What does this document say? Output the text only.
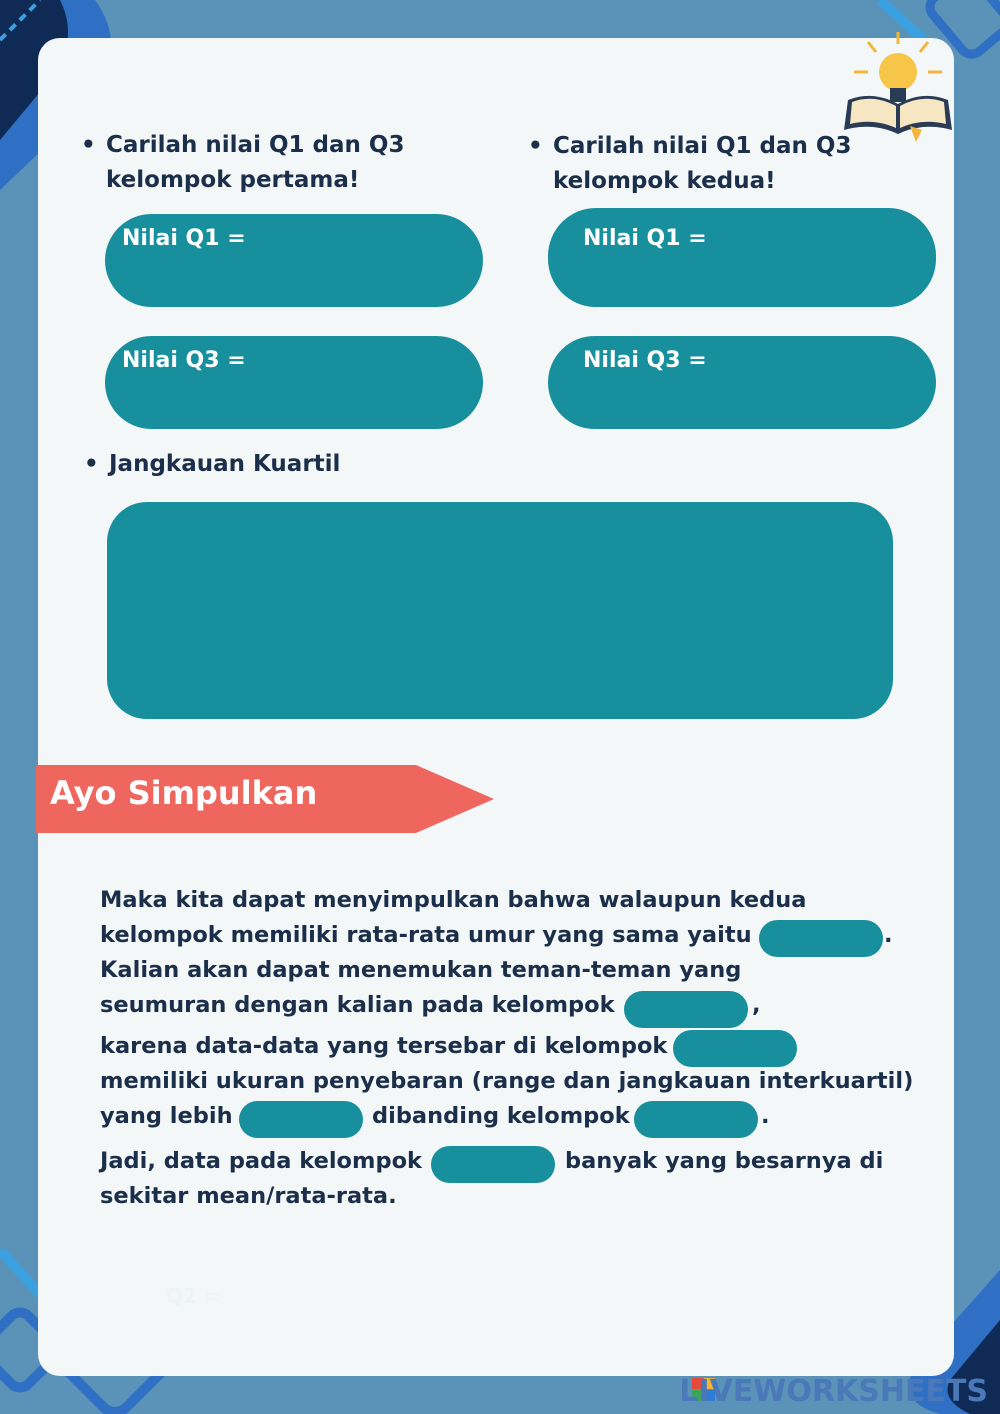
• Carilah nilai Q1 dan Q3
kelompok pertama!
• Carilah nilai Q1 dan Q3
kelompok kedua!
Nilai Q1 =	Nilai Q1 =
Nilai Q3 =	Nilai Q3 =
• Jangkauan Kuartil
Ayo Simpulkan
Maka kita dapat menyimpulkan bahwa walaupun kedua
kelompok memiliki rata-rata umur yang sama yaitu	.
Kalian akan dapat menemukan teman-teman yang
seumuran dengan kalian pada kelompok	,
karena data-data yang tersebar di kelompok
memiliki ukuran penyebaran (range dan jangkauan interkuartil)
yang lebih	dibanding kelompok	.
Jadi, data pada kelompok	banyak yang besarnya di
sekitar mean/rata-rata.
Q2 =
LIVEWORKSHEETS
